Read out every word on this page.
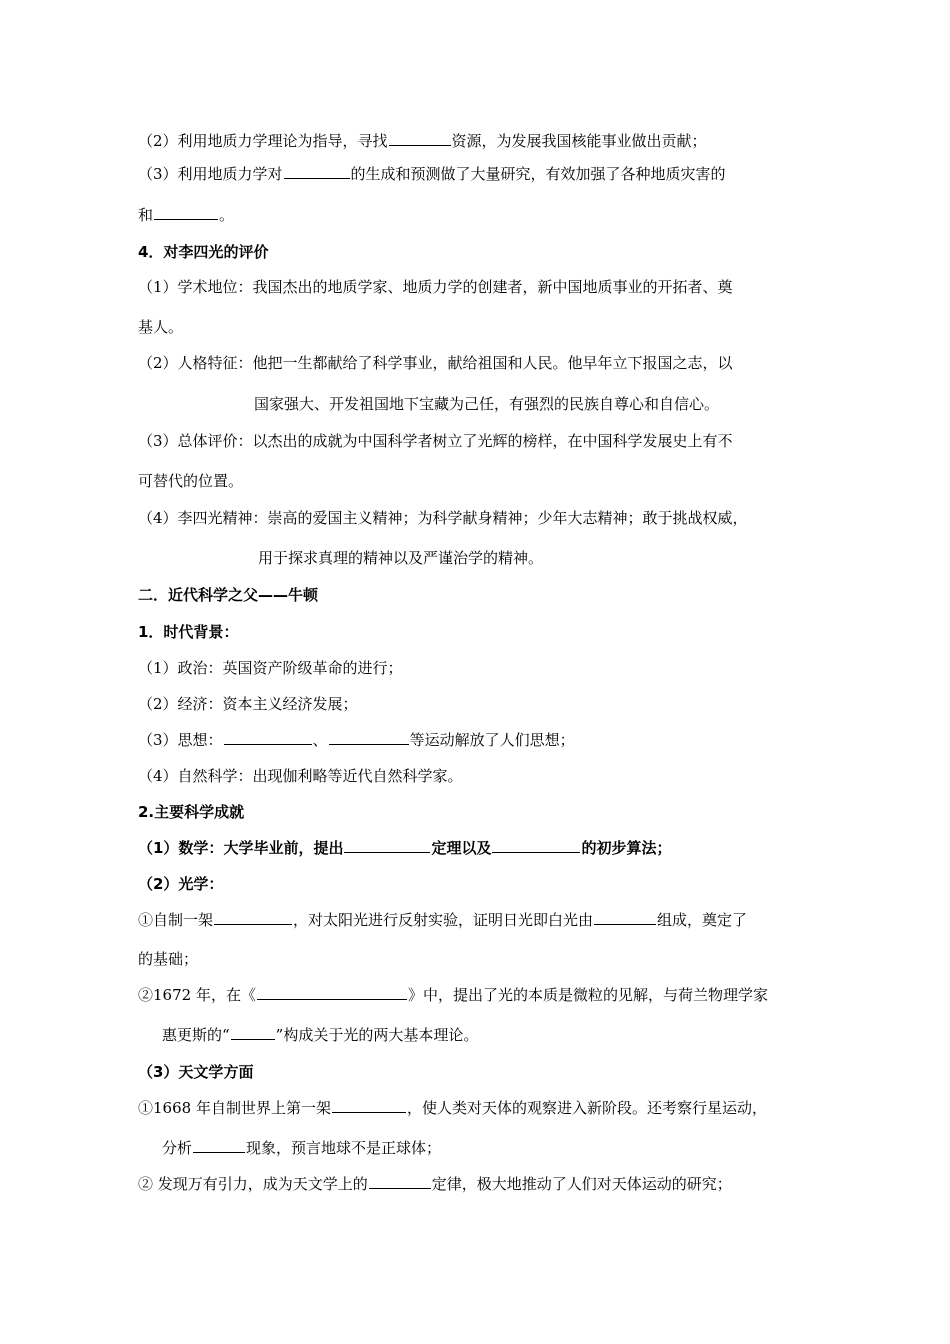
（2）利用地质力学理论为指导，寻找	资源，为发展我国核能事业做出贡献；
（3）利用地质力学对	的生成和预测做了大量研究，有效加强了各种地质灾害的
和	。
4．对李四光的评价
（1）学术地位：我国杰出的地质学家、地质力学的创建者，新中国地质事业的开拓者、奠
基人。
（2）人格特征：他把一生都献给了科学事业，献给祖国和人民。他早年立下报国之志，以
国家强大、开发祖国地下宝藏为己任，有强烈的民族自尊心和自信心。
（3）总体评价：以杰出的成就为中国科学者树立了光辉的榜样，在中国科学发展史上有不
可替代的位置。
（4）李四光精神：崇高的爱国主义精神；为科学献身精神；少年大志精神；敢于挑战权威，
用于探求真理的精神以及严谨治学的精神。
二．近代科学之父——牛顿
1．时代背景：
（1）政治：英国资产阶级革命的进行；
（2）经济：资本主义经济发展；
（3）思想：	、	等运动解放了人们思想；
（4）自然科学：出现伽利略等近代自然科学家。
2.主要科学成就
（1）数学：大学毕业前，提出	定理以及	的初步算法；
（2）光学：
①自制一架	，对太阳光进行反射实验，证明日光即白光由	组成，奠定了
的基础；
②1672 年，在《	》中，提出了光的本质是微粒的见解，与荷兰物理学家
惠更斯的“	”构成关于光的两大基本理论。
（3）天文学方面
①1668 年自制世界上第一架	，使人类对天体的观察进入新阶段。还考察行星运动，
分析	现象，预言地球不是正球体；
② 发现万有引力，成为天文学上的	定律，极大地推动了人们对天体运动的研究；
